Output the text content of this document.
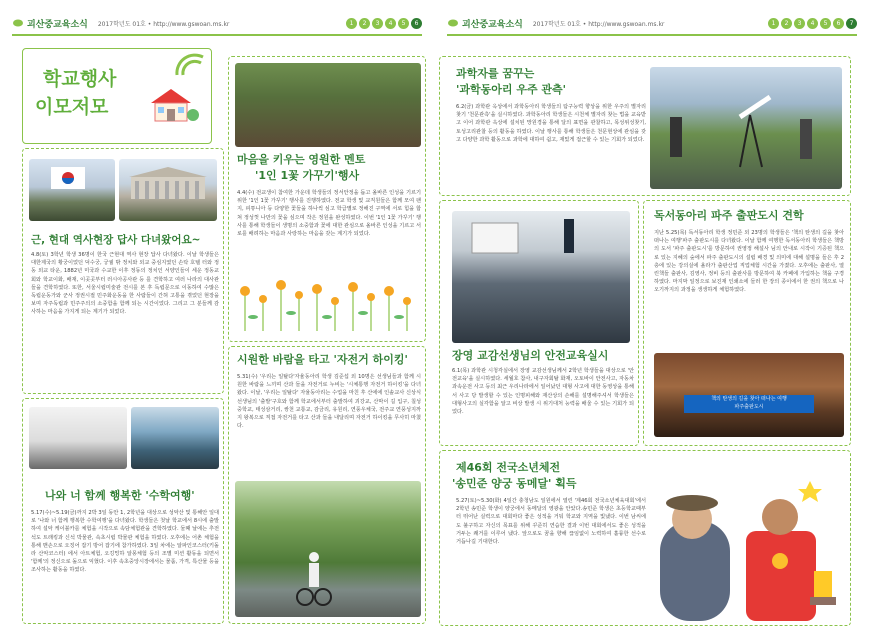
괴산중교육소식 2017학년도 01호 • http://www.gswoan.ms.kr	1	2	3	4	5	6
학교행사
이모저모
근, 현대 역사현장 답사 다녀왔어요~
4.8(토) 3학년 학생 36명이 한국 근현대 역사 현장 답사 다녀왔다. 이날 학생들은 대한제국의 황궁이었던 덕수궁, 궁궐 밖 정치와 외교 중심지였던 손탁 호텔 터와 정동 외교 타운, 1882년 미국과 수교한 이후 정동의 정치인 서양인들이 세운 정동교회와 학교이화, 배재, 이곳곳부터 러시아공사관 등 를 견학하고 여러 나라의 대사관들을 견학하였다. 또한, 서울시립미술관 전시를 본 후 독립문으로 이동하여 수많은 독립운동가와 군사 정권시절 민주화운동을 한 사람들이 간혀 고통을 겪었던 현장을 보며 자주독립과 민주주의의 소중함을 함께 되는 시간이었다. 그리고 그 분들께 감사하는 마음을 가지게 되는 계기가 되었다.
나와 너 함께 행복한 '수학여행'
5.17(수)~5.19(금)까지 2박 3일 동안 1, 2학년을 대상으로 성악산 및 통해안 일대로 '나와 너 함께 행복한 수학여행'을 다녀왔다. 학생들은 첫날 학교에서 8시에 출발하여 설악 케이블카를 체험을 시작으로 속담체험관을 견학하였다. 둘째 날에는 추전석도 트래킹과 신석 박물관, 속초시립 박물관 체험을 하였다. 오후에는 어촌 체험을 통해 맨손으로 오징어 잡기 방어 잡기에 참가하였다. 3일 차에는 알파인코스터(키돌라 산악코스터) 에서 아트체험, 오깅밍하 알몽체험 등의 조별 미션 활동을 되면서 '함께'의 정신으로 돌으로 익혔다. 이후 속초중앙시장에서는 물품, 가격, 특산물 등을 조사하는 활동을 하였다.
마음을 키우는 영원한 멘토
'1인 1꽃 가꾸기'행사
4.4(수) 전교생이 참여한 가운데 학생들의 정서안정을 돕고 올바른 인성을 기르기 위한 '1인 1꽃 가꾸기' 행사를 진행하였다. 전교 학생 및 교직원들은 함께 모여 팬지, 피튜니아 등 다양한 꽃들을 하나씩 심고 학급별로 정해진 구역에 서로 힘을 합쳐 정성껏 나만의 꽃을 심으며 작은 정원을 완성하였다. 이번 '1인 1꽃 가꾸기' 행사를 통해 학생들이 생명의 소중함과 꽃에 대한 관심으로 올바른 인성을 기르고 서로를 배려하는 마음과 사랑하는 마음을 갖는 계기가 되었다.
시원한 바람을 타고 '자전거 하이킹'
5.31(수) '우리는 일탈다'자율동아리 학생 김준섭 외 10명은 선생님들과 함께 시원한 바람을 느끼며 산과 들을 자전거로 누비는 '시체통행 자전거 하이킹'을 다녀왔다. 이날, '우리는 일탈다' 자율동아리는 수업을 마친 후 산에에 인솔교사 신상식 선생님의 '출발'구호와 함께 학교에서부터 출발하여 괴강교, 산막이 길 입구, 칠성중학교, 태성삼거리, 쌍천 교통교, 감금리, 유원리, 연풍우체국, 전주교 연풍성지까지 왕복으로 직접 자전거를 타고 산과 들을 내달리며 자전거 하이킹을 무사히 마쳤다.
괴산중교육소식 2017학년도 01호 • http://www.gswoan.ms.kr	1	2	3	4	5	6	7
과학자를 꿈꾸는
'과학동아리 우주 관측'
6.2(금) 과학관 옥상에서 과학동아리 학생들의 탐구능력 향상을 위한 우주의 별자리 찾기 '천문관측'을 실시하였다. 과학동아리 학생들은 시천체 별자리 찾는 법을 교육받고 이어 과학관 옥상에 설치된 망원경을 통해 달의 표면을 관찰하고, 목성위성찾기, 토성고리관찰 등의 활동을 하였다. 이날 행사를 통해 학생들은 천문현상에 관심을 갖고 다양한 과학 활동으로 과학에 대하여 쉽고, 재밌게 접근할 수 있는 기회가 되었다.
장영 교감선생님의 안전교육실시
6.1(목) 과학관 시청각실에서 장영 교감선생님께서 2학년 학생들을 대상으로 '안전교육'을 실시하였다. 세월호 참사, 내구자회탈 화재, 오토바이 안전사고, 자동차 과속운전 사고 등의 최근 우리나라에서 일어났던 대형 사고에 대한 동영상을 통해서 사고 당 발생할 수 있는 인명피해와 재산상의 손해를 설명해주셔서 학생들은 대형사고의 실각함을 알고 비상 발생 시 위기대처 능력을 배울 수 있는 기회가 되었다.
독서동아리 파주 출판도시 견학
지난 5.25(목) 독서동아리 학생 정민준 외 23명의 학생들은 '책의 탄생의 길을 찾아 떠나는 여행'파주 출판도시를 다녀왔다. 이날 함께 여행한 독서동아리 학생들은 책방의 도서 '파주 출판도시'를 방문하여 권영정 해설사 님의 안내로 시작이 기증된 책으로 있는 지혜의 숲에서 파주 출판도시의 설립 배경 및 의미에 대해 설명을 들은 후 2층에 있는 강의실에 올라가 출판산업 직업체험 시간을 가졌다. 오후에는 출판사, 열린책들 출판사, 김영사, 정비 등의 출판사를 방문하여 북 카페에 가입하는 책을 구경하였다. 마지막 일정으로 보진재 인쇄소에 들러 한 장의 종이에서 한 권의 책으로 나오기까지의 과정을 생생하게 체험하였다.
책의 탄생의 길을 찾아 떠나는 여행
파주출판도시
제46회 전국소년체전
'송민준 양궁 동메달' 획득
5.27(토)~5.30(화) 4일간 충청남도 일원에서 열린 '제46회 전국소년체육대회'에서 2학년 송민준 학생이 양궁에서 동메달의 영광을 안았다.송민준 학생은 초등학교때부터 뛰어난 실력으로 대회마다 좋은 성적을 거둬 학교와 지역을 빛냈다. 이번 남씨에도 불구하고 자신의 목표를 위해 꾸준히 연습한 결과 이번 대회에서도 좋은 성적을 거두는 쾌거를 이루어 냈다. 앞으로도 꿈을 향해 끊임없이 노력하여 훌륭한 선수로 거듭나길 기대한다.
